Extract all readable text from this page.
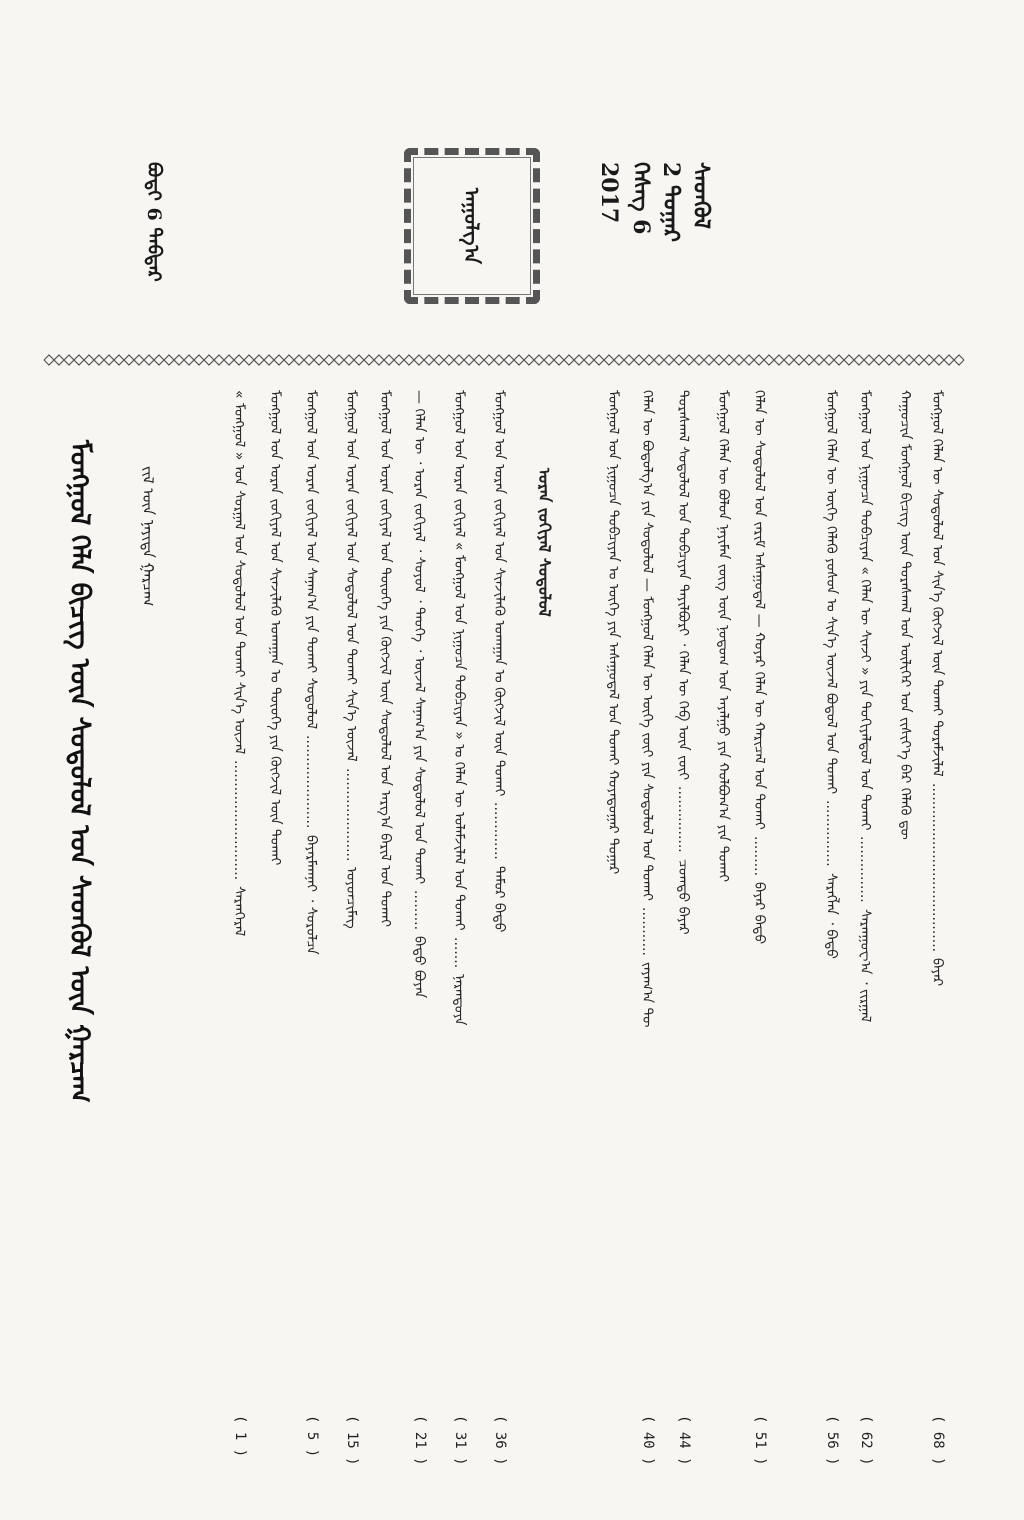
ᠰᠡᠳᠬᠦᠯ
2 ᠳᠤᠭᠠᠷ
ᠬᠡᠰᠡᠭ 6
2017
ᠪᠣᠳᠢ 6 ᠳᠡᠪᠲᠡᠷ	ᠠᠭᠤᠯᠭ᠎ᠠ
ᠮᠣᠩᠭᠣᠯ ᠬᠡᠯᠡᠨ ᠦ ᠰᠤᠳᠤᠯᠤᠯ ᠤᠨ ᠰᠢᠨ᠎ᠡ ᠬᠥᠭᠵᠢᠯ ᠦᠨ ᠲᠤᠬᠠᠢ ᠳᠤᠷᠠᠮᠵᠢᠯᠠᠯ......................................ᠪᠠᠶᠠᠷ
( 68 )
ᠬᠠᠭᠤᠴᠢᠨ ᠮᠣᠩᠭᠣᠯ ᠪᠢᠴᠢᠭ ᠦᠨ ᠳᠤᠷᠠᠰᠬᠠᠯ ᠤᠨ ᠦᠯᠢᠭᠡᠷ ᠤᠨ ᠵᠢᠱᠢᠶ᠎ᠡ ᠪᠡᠷ ᠬᠡᠯᠡᠬᠦ ᠳᠦ
ᠮᠣᠩᠭᠣᠯ ᠤᠨ ᠨᠢᠭᠤᠴᠠ ᠲᠣᠪᠴᠢᠶᠠᠨ « ᠬᠡᠯᠡᠨ ᠦ ᠰᠢᠨᠵᠢ » ᠶᠢᠨ ᠲᠣᠬᠢᠶᠠᠯᠳᠤᠯ ᠤᠨ ᠲᠤᠬᠠᠢ...............ᠰᠠᠷᠠᠨᠭᠤᠸ᠎ᠠ ᠂ ᠵᠢᠷᠭᠠᠯ
( 62 )
ᠮᠣᠩᠭᠣᠯ ᠬᠡᠯᠡᠨ ᠦ ᠦᠭᠡ ᠬᠡᠯᠡᠬᠦ ᠶᠣᠰᠤᠨ ᠤ ᠰᠢᠨ᠎ᠡ ᠦᠵᠡᠯ ᠪᠣᠳᠤᠯ ᠤᠨ ᠲᠤᠬᠠᠢ...............ᠰᠡᠷᠡᠭᠯᠡᠨ ᠂ ᠪᠠᠲᠤ
( 56 )
ᠬᠡᠯᠡᠨ ᠦ ᠰᠤᠳᠤᠯᠤᠯ ᠤᠨ ᠵᠠᠷᠢᠮ ᠠᠰᠠᠭᠤᠳᠠᠯ — ᠬᠣᠶᠠᠷ ᠬᠡᠯᠡᠨ ᠦ ᠬᠠᠷᠢᠴᠠᠯ ᠤᠨ ᠲᠤᠬᠠᠢ.........ᠪᠠᠶᠠᠷ ᠪᠠᠲᠤ
( 51 )
ᠮᠣᠩᠭᠣᠯ ᠬᠡᠯᠡᠨ ᠦ ᠪᠣᠯᠤᠨ ᠨᠠᠶᠢᠮᠠᠨ ᠵᠦᠭ ᠦᠨ ᠨᠤᠲᠤᠭ ᠤᠨ ᠠᠶᠠᠯᠭᠤ ᠶᠢᠨ ᠬᠣᠯᠪᠣᠭ᠎ᠠ ᠶᠢᠨ ᠲᠤᠬᠠᠢ
ᠳᠤᠷᠠᠰᠬᠠᠯ ᠰᠤᠳᠤᠯᠤᠯ ᠤᠨ ᠲᠣᠪᠴᠢᠶᠠᠨ ᠲᠠᠶᠢᠯᠪᠤᠷᠢ ᠂ ᠬᠡᠯᠡᠨ ᠦ ᠬᠡᠪ ᠦᠨ ᠵᠦᠢ...............ᠴᠣᠭᠲᠤ ᠪᠠᠶᠠᠷ
( 44 )
ᠬᠡᠯᠡᠨ ᠦ ᠪᠣᠳᠤᠯᠭ᠎ᠠ ᠶᠢᠨ ᠰᠤᠳᠤᠯᠤᠯ — ᠮᠣᠩᠭᠣᠯ ᠬᠡᠯᠡᠨ ᠦ ᠦᠭᠡ ᠵᠦᠢ ᠶᠢᠨ ᠰᠤᠳᠤᠯᠤᠯ ᠤᠨ ᠲᠤᠬᠠᠢ...........ᠵᠠᠶᠠᠭ᠎ᠠ ᠲᠦ
( 40 )
ᠮᠣᠩᠭᠣᠯ ᠤᠨ ᠨᠢᠭᠤᠴᠠ ᠲᠣᠪᠴᠢᠶᠠᠨ ᠤ ᠦᠭᠡ ᠶᠢᠨ ᠠᠰᠠᠭᠤᠳᠠᠯ ᠤᠨ ᠲᠤᠬᠠᠢ ᠬᠣᠶᠠᠳᠤᠭᠠᠷ ᠳᠤᠭᠠᠷ
ᠤᠷᠠᠨ ᠵᠣᠬᠢᠶᠠᠯ ᠰᠤᠳᠤᠯᠤᠯ
ᠮᠣᠩᠭᠣᠯ ᠤᠨ ᠤᠷᠠᠨ ᠵᠣᠬᠢᠶᠠᠯ ᠤᠨ ᠰᠢᠨᠵᠢᠯᠡᠬᠦ ᠤᠬᠠᠭᠠᠨ ᠤ ᠬᠥᠭᠵᠢᠯ ᠦᠨ ᠲᠤᠬᠠᠢ.............ᠲᠡᠮᠦᠷ ᠪᠠᠲᠤ
( 36 )
ᠮᠣᠩᠭᠣᠯ ᠤᠨ ᠤᠷᠠᠨ ᠵᠣᠬᠢᠶᠠᠯ « ᠮᠣᠩᠭᠣᠯ ᠤᠨ ᠨᠢᠭᠤᠴᠠ ᠲᠣᠪᠴᠢᠶᠠᠨ » ᠤ ᠬᠡᠯᠡᠨ ᠦ ᠤᠯᠠᠮᠵᠢᠯᠠᠯ ᠤᠨ ᠲᠤᠬᠠᠢ.......ᠨᠠᠷᠠᠨᠲᠣᠶᠠ
( 31 )
— ᠬᠡᠯᠡᠨ ᠦ ᠂ ᠤᠷᠠᠨ ᠵᠣᠬᠢᠶᠠᠯ ᠂ ᠰᠤᠶᠤᠯ ᠂ ᠲᠡᠦᠬᠡ ᠂ ᠦᠵᠡᠯ ᠰᠠᠨᠠᠭ᠎ᠠ ᠶᠢᠨ ᠰᠤᠳᠤᠯᠤᠯ ᠤᠨ ᠲᠤᠬᠠᠢ.........ᠪᠠᠲᠤ ᠪᠤᠶᠠᠨ
( 21 )
ᠮᠣᠩᠭᠣᠯ ᠤᠨ ᠤᠷᠠᠨ ᠵᠣᠬᠢᠶᠠᠯ ᠤᠨ ᠲᠦᠦᠬᠡ ᠶᠢᠨ ᠬᠥᠭᠵᠢᠯ ᠦᠨ ᠰᠤᠳᠤᠯᠤᠯ ᠤᠨ ᠠᠷᠭ᠎ᠠ ᠪᠠᠷᠢᠯ ᠤᠨ ᠲᠤᠬᠠᠢ
ᠮᠣᠩᠭᠣᠯ ᠤᠨ ᠤᠷᠠᠨ ᠵᠣᠬᠢᠶᠠᠯ ᠤᠨ ᠰᠤᠳᠤᠯᠤᠯ ᠤᠨ ᠲᠤᠬᠠᠢ ᠰᠢᠨ᠎ᠡ ᠦᠵᠡᠯ.....................ᠣᠶᠤᠨᠴᠢᠮᠡᠭ
( 15 )
ᠮᠣᠩᠭᠣᠯ ᠤᠨ ᠤᠷᠠᠨ ᠵᠣᠬᠢᠶᠠᠯ ᠤᠨ ᠰᠠᠨᠠᠭ᠎ᠠ ᠶᠢᠨ ᠲᠤᠬᠠᠢ ᠰᠤᠳᠤᠯᠤᠯ.....................ᠪᠠᠶᠠᠷᠮᠠᠭᠨᠠᠢ ᠂ ᠰᠤᠷᠤᠯᠴᠠ
( 5 )
ᠮᠣᠩᠭᠣᠯ ᠤᠨ ᠤᠷᠠᠨ ᠵᠣᠬᠢᠶᠠᠯ ᠤᠨ ᠰᠢᠨᠵᠢᠯᠡᠬᠦ ᠤᠬᠠᠭᠠᠨ ᠤ ᠲᠦᠦᠬᠡ ᠶᠢᠨ ᠬᠥᠭᠵᠢᠯ ᠦᠨ ᠲᠤᠬᠠᠢ
« ᠮᠣᠩᠭᠣᠯ » ᠤᠨ ᠰᠤᠷᠭᠠᠯ ᠤᠨ ᠰᠤᠳᠤᠯᠤᠯ ᠤᠨ ᠲᠤᠬᠠᠢ ᠰᠢᠨ᠎ᠡ ᠦᠵᠡᠯ...........................ᠰᠠᠷᠠᠨᠭᠡᠷᠡᠯ
( 1 )
ᠮᠣᠩᠭᠣᠯ ᠬᠡᠯᠡ ᠪᠢᠴᠢᠭ ᠦᠨ ᠰᠤᠳᠤᠯᠤᠯ ᠤᠨ ᠰᠡᠳᠬᠦᠯ ᠦᠨ ᠭᠠᠷᠴᠠᠭ	ᠵᠢᠯ ᠦᠨ ᠨᠡᠶᠢᠲᠡ ᠭᠠᠷᠴᠠᠭ
